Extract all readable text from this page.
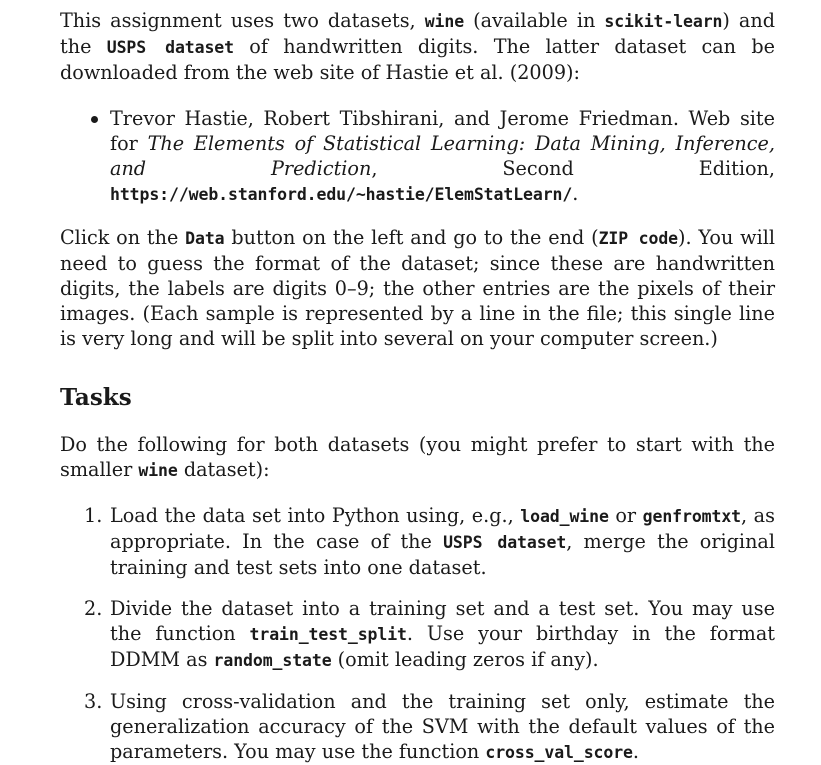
This assignment uses two datasets, wine (available in scikit-learn) and the USPS dataset of handwritten digits. The latter dataset can be downloaded from the web site of Hastie et al. (2009):

Trevor Hastie, Robert Tibshirani, and Jerome Friedman. Web site for The Elements of Statistical Learning: Data Mining, Inference, and Prediction, Second Edition, https://web.stanford.edu/~hastie/ElemStatLearn/.

Click on the Data button on the left and go to the end (ZIP code). You will need to guess the format of the dataset; since these are handwritten digits, the labels are digits 0–9; the other entries are the pixels of their images. (Each sample is represented by a line in the file; this single line is very long and will be split into several on your computer screen.)

Tasks

Do the following for both datasets (you might prefer to start with the smaller wine dataset):

1. Load the data set into Python using, e.g., load_wine or genfromtxt, as appropriate. In the case of the USPS dataset, merge the original training and test sets into one dataset.

2. Divide the dataset into a training set and a test set. You may use the function train_test_split. Use your birthday in the format DDMM as random_state (omit leading zeros if any).

3. Using cross-validation and the training set only, estimate the generalization accuracy of the SVM with the default values of the parameters. You may use the function cross_val_score.
